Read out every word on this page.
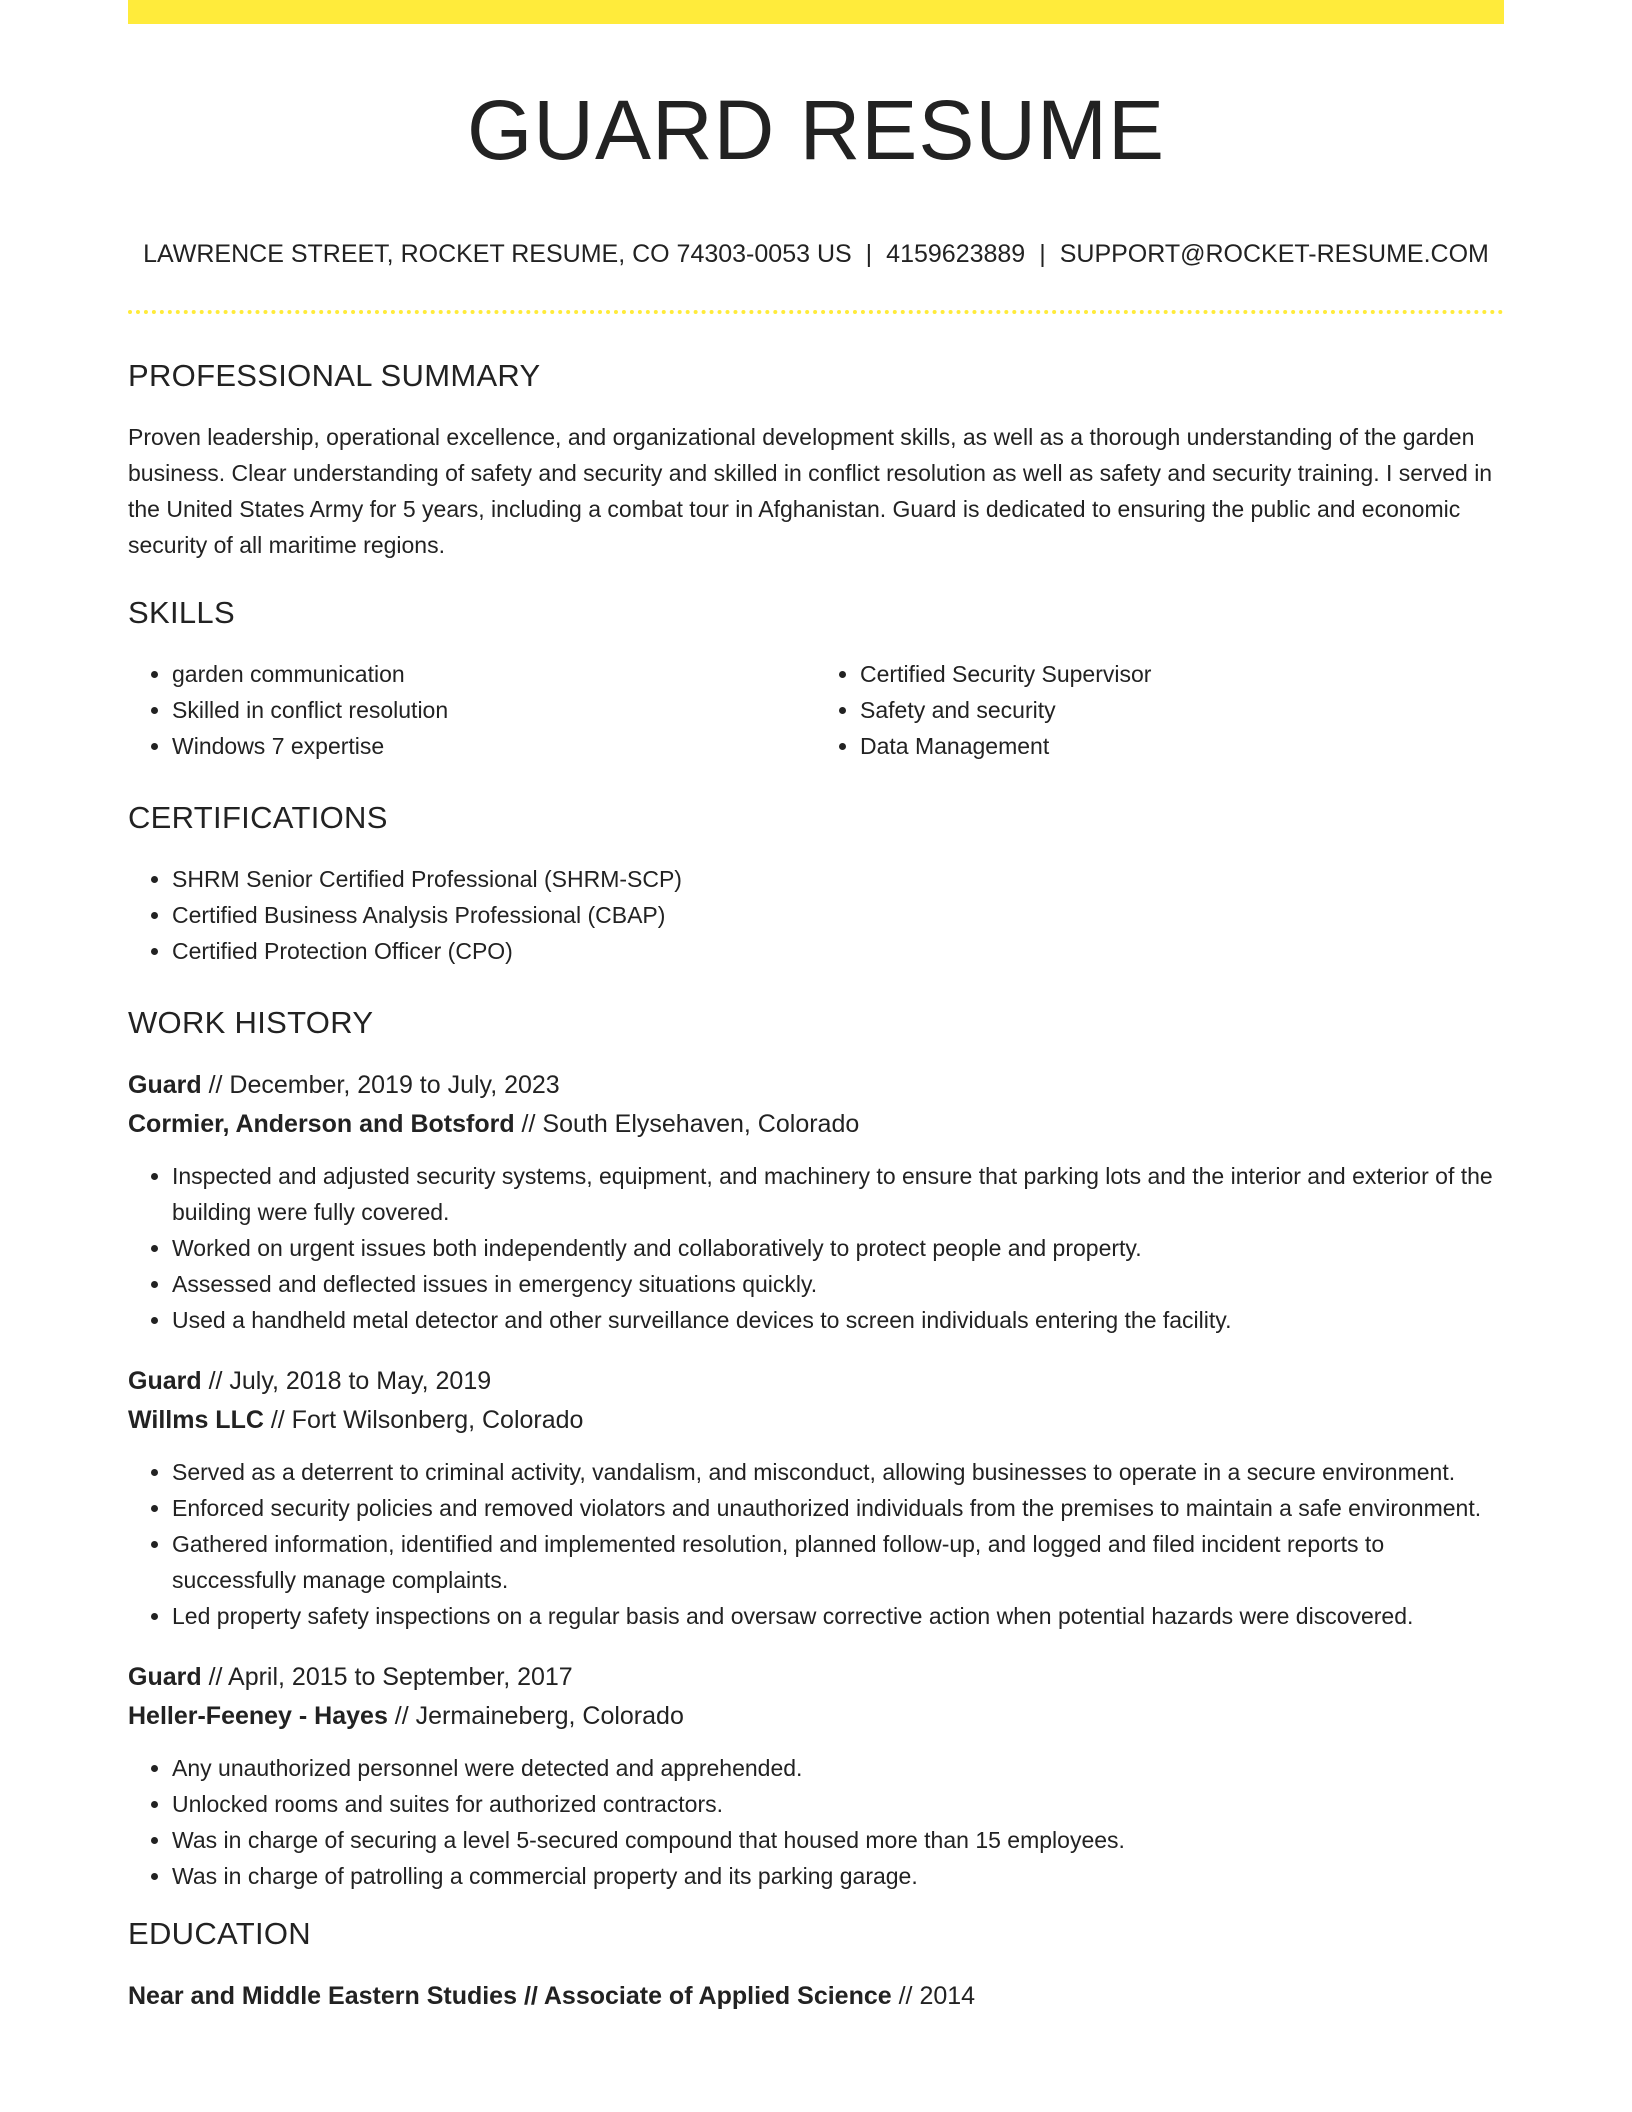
GUARD RESUME
LAWRENCE STREET, ROCKET RESUME, CO 74303-0053 US | 4159623889 | SUPPORT@ROCKET-RESUME.COM
PROFESSIONAL SUMMARY
Proven leadership, operational excellence, and organizational development skills, as well as a thorough understanding of the garden business. Clear understanding of safety and security and skilled in conflict resolution as well as safety and security training. I served in the United States Army for 5 years, including a combat tour in Afghanistan. Guard is dedicated to ensuring the public and economic security of all maritime regions.
SKILLS
• garden communication
• Skilled in conflict resolution
• Windows 7 expertise
• Certified Security Supervisor
• Safety and security
• Data Management
CERTIFICATIONS
• SHRM Senior Certified Professional (SHRM-SCP)
• Certified Business Analysis Professional (CBAP)
• Certified Protection Officer (CPO)
WORK HISTORY
Guard // December, 2019 to July, 2023
Cormier, Anderson and Botsford // South Elysehaven, Colorado
• Inspected and adjusted security systems, equipment, and machinery to ensure that parking lots and the interior and exterior of the building were fully covered.
• Worked on urgent issues both independently and collaboratively to protect people and property.
• Assessed and deflected issues in emergency situations quickly.
• Used a handheld metal detector and other surveillance devices to screen individuals entering the facility.
Guard // July, 2018 to May, 2019
Willms LLC // Fort Wilsonberg, Colorado
• Served as a deterrent to criminal activity, vandalism, and misconduct, allowing businesses to operate in a secure environment.
• Enforced security policies and removed violators and unauthorized individuals from the premises to maintain a safe environment.
• Gathered information, identified and implemented resolution, planned follow-up, and logged and filed incident reports to successfully manage complaints.
• Led property safety inspections on a regular basis and oversaw corrective action when potential hazards were discovered.
Guard // April, 2015 to September, 2017
Heller-Feeney - Hayes // Jermaineberg, Colorado
• Any unauthorized personnel were detected and apprehended.
• Unlocked rooms and suites for authorized contractors.
• Was in charge of securing a level 5-secured compound that housed more than 15 employees.
• Was in charge of patrolling a commercial property and its parking garage.
EDUCATION
Near and Middle Eastern Studies // Associate of Applied Science // 2014
